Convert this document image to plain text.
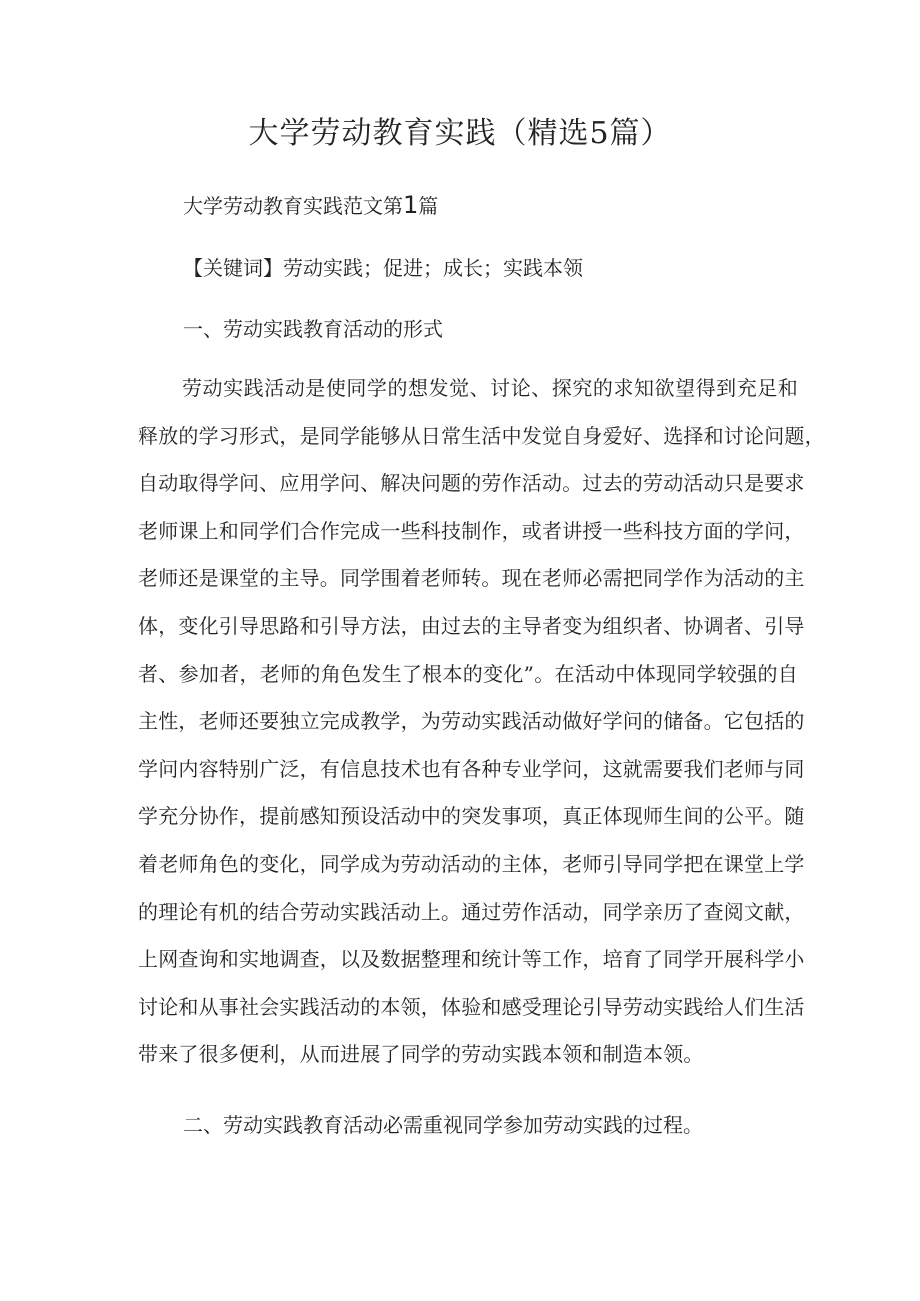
大学劳动教育实践（精选5篇）
大学劳动教育实践范文第1篇
【关键词】劳动实践；促进；成长；实践本领
一、劳动实践教育活动的形式
劳动实践活动是使同学的想发觉、讨论、探究的求知欲望得到充足和
释放的学习形式，是同学能够从日常生活中发觉自身爱好、选择和讨论问题，
自动取得学问、应用学问、解决问题的劳作活动。过去的劳动活动只是要求
老师课上和同学们合作完成一些科技制作，或者讲授一些科技方面的学问，
老师还是课堂的主导。同学围着老师转。现在老师必需把同学作为活动的主
体，变化引导思路和引导方法，由过去的主导者变为组织者、协调者、引导
者、参加者，老师的角色发生了根本的变化”。在活动中体现同学较强的自
主性，老师还要独立完成教学，为劳动实践活动做好学问的储备。它包括的
学问内容特别广泛，有信息技术也有各种专业学问，这就需要我们老师与同
学充分协作，提前感知预设活动中的突发事项，真正体现师生间的公平。随
着老师角色的变化，同学成为劳动活动的主体，老师引导同学把在课堂上学
的理论有机的结合劳动实践活动上。通过劳作活动，同学亲历了查阅文献，
上网查询和实地调查，以及数据整理和统计等工作，培育了同学开展科学小
讨论和从事社会实践活动的本领，体验和感受理论引导劳动实践给人们生活
带来了很多便利，从而进展了同学的劳动实践本领和制造本领。
二、劳动实践教育活动必需重视同学参加劳动实践的过程。
